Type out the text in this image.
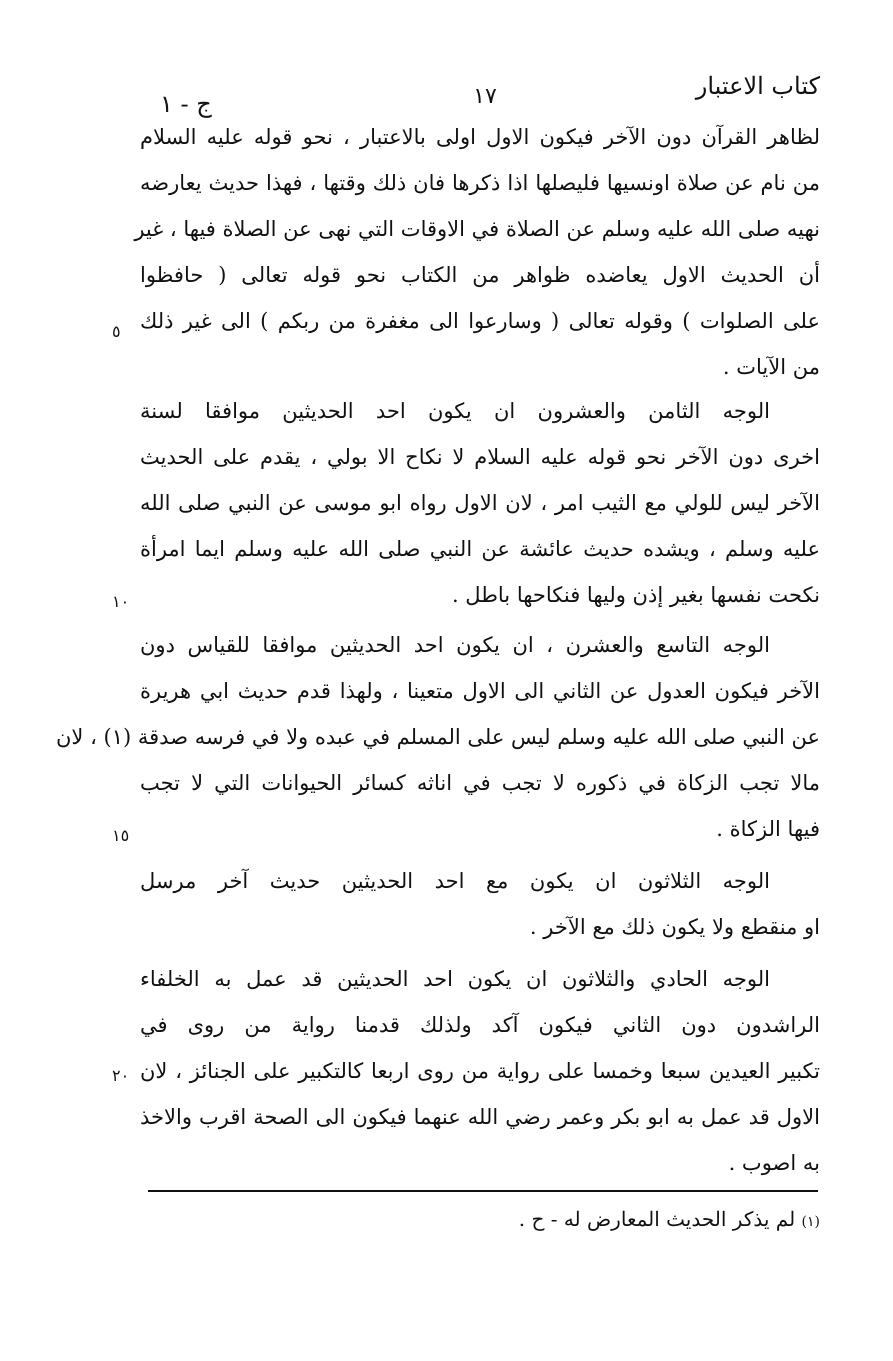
كتاب الاعتبار
١٧
ج - ١
لظاهر القرآن دون الآخر فيكون الاول اولى بالاعتبار ، نحو قوله عليه السلام
من نام عن صلاة اونسيها فليصلها اذا ذكرها فان ذلك وقتها ، فهذا حديث يعارضه
نهيه صلى الله عليه وسلم عن الصلاة في الاوقات التي نهى عن الصلاة فيها ، غير
أن الحديث الاول يعاضده ظواهر من الكتاب نحو قوله تعالى ( حافظوا
على الصلوات ) وقوله تعالى ( وسارعوا الى مغفرة من ربكم ) الى غير ذلك
من الآيات .
الوجه الثامن والعشرون ان يكون احد الحديثين موافقا لسنة
اخرى دون الآخر نحو قوله عليه السلام لا نكاح الا بولي ، يقدم على الحديث
الآخر ليس للولي مع الثيب امر ، لان الاول رواه ابو موسى عن النبي صلى الله
عليه وسلم ، ويشده حديث عائشة عن النبي صلى الله عليه وسلم ايما امرأة
نكحت نفسها بغير إذن وليها فنكاحها باطل .
الوجه التاسع والعشرن ، ان يكون احد الحديثين موافقا للقياس دون
الآخر فيكون العدول عن الثاني الى الاول متعينا ، ولهذا قدم حديث ابي هريرة
عن النبي صلى الله عليه وسلم ليس على المسلم في عبده ولا في فرسه صدقة (١) ، لان
مالا تجب الزكاة في ذكوره لا تجب في اناثه كسائر الحيوانات التي لا تجب
فيها الزكاة .
الوجه الثلاثون ان يكون مع احد الحديثين حديث آخر مرسل
او منقطع ولا يكون ذلك مع الآخر .
الوجه الحادي والثلاثون ان يكون احد الحديثين قد عمل به الخلفاء
الراشدون دون الثاني فيكون آكد ولذلك قدمنا رواية من روى في
تكبير العيدين سبعا وخمسا على رواية من روى اربعا كالتكبير على الجنائز ، لان
الاول قد عمل به ابو بكر وعمر رضي الله عنهما فيكون الى الصحة اقرب والاخذ
به اصوب .
٥
١٠
١٥
٢٠
(١) لم يذكر الحديث المعارض له - ح .
